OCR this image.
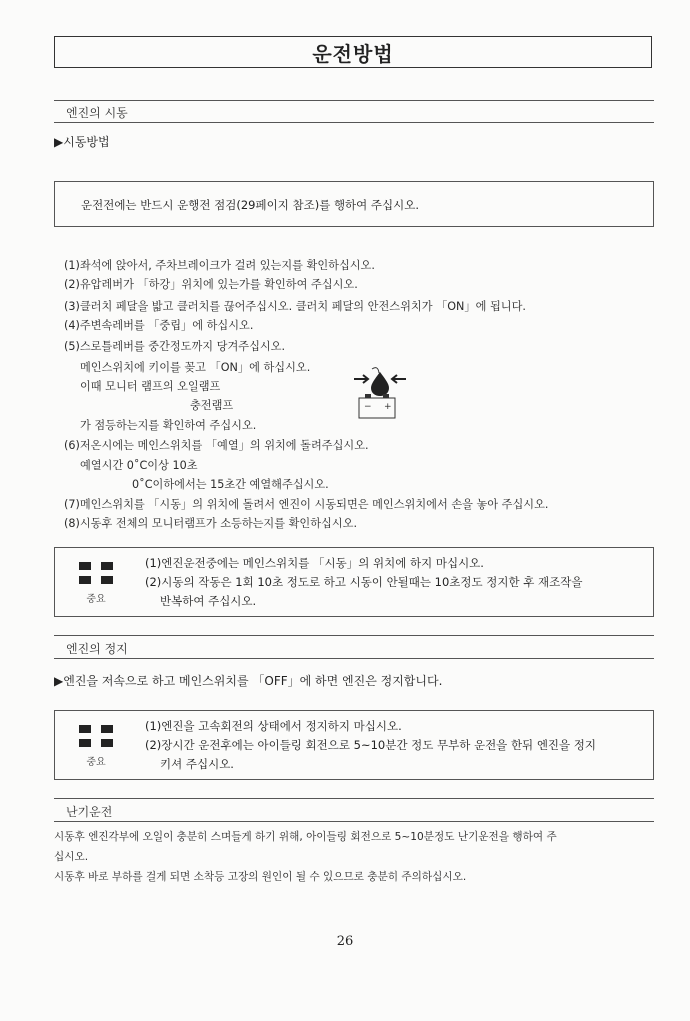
운전방법
엔진의 시동
▶시동방법
운전전에는 반드시 운행전 점검(29페이지 참조)를 행하여 주십시오.
(1)좌석에 앉아서, 주차브레이크가 걸려 있는지를 확인하십시오.
(2)유압레버가 「하강」위치에 있는가를 확인하여 주십시오.
(3)클러치 페달을 밟고 클러치를 끊어주십시오. 클러치 페달의 안전스위치가 「ON」에 됩니다.
(4)주변속레버를 「중립」에 하십시오.
(5)스로틀레버를 중간정도까지 당겨주십시오.
메인스위치에 키이를 꽂고 「ON」에 하십시오.
이때 모니터 램프의 오일램프
충전램프
가 점등하는지를 확인하여 주십시오.
− +
(6)저온시에는 메인스위치를 「예열」의 위치에 돌려주십시오.
예열시간 0˚C이상 10초
0˚C이하에서는 15초간 예열해주십시오.
(7)메인스위치를 「시동」의 위치에 돌려서 엔진이 시동되면은 메인스위치에서 손을 놓아 주십시오.
(8)시동후 전체의 모니터램프가 소등하는지를 확인하십시오.
중요
(1)엔진운전중에는 메인스위치를 「시동」의 위치에 하지 마십시오.
(2)시동의 작동은 1회 10초 정도로 하고 시동이 안될때는 10초정도 정지한 후 재조작을
반복하여 주십시오.
엔진의 정지
▶엔진을 저속으로 하고 메인스위치를 「OFF」에 하면 엔진은 정지합니다.
중요
(1)엔진을 고속회전의 상태에서 정지하지 마십시오.
(2)장시간 운전후에는 아이들링 회전으로 5~10분간 정도 무부하 운전을 한뒤 엔진을 정지
키셔 주십시오.
난기운전
시동후 엔진각부에 오일이 충분히 스며들게 하기 위해, 아이들링 회전으로 5~10분정도 난기운전을 행하여 주
십시오.
시동후 바로 부하를 걸게 되면 소착등 고장의 원인이 될 수 있으므로 충분히 주의하십시오.
26
